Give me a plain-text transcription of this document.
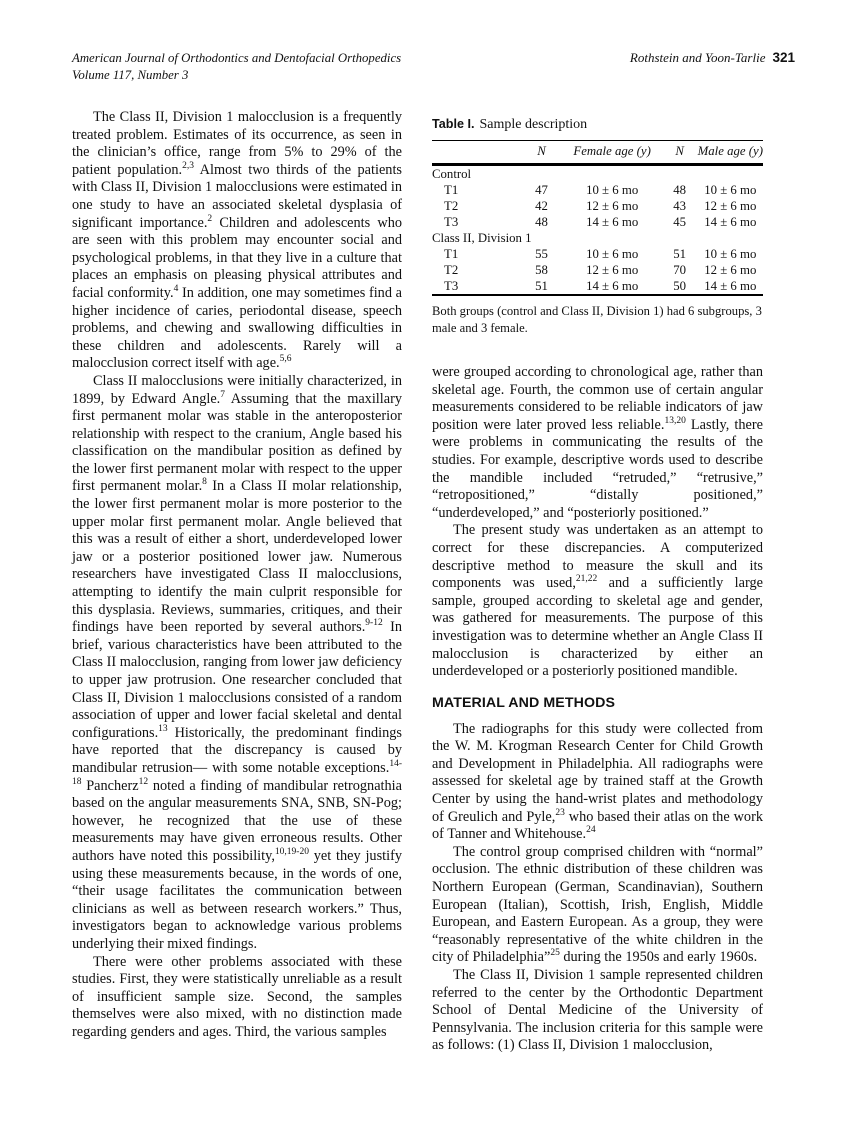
American Journal of Orthodontics and Dentofacial Orthopedics
Volume 117, Number 3
Rothstein and Yoon-Tarlie 321

The Class II, Division 1 malocclusion is a frequently treated problem. Estimates of its occurrence, as seen in the clinician’s office, range from 5% to 29% of the patient population.$^{2,3}$ Almost two thirds of the patients with Class II, Division 1 malocclusions were estimated in one study to have an associated skeletal dysplasia of significant importance.$^2$ Children and adolescents who are seen with this problem may encounter social and psychological problems, in that they live in a culture that places an emphasis on pleasing physical attributes and facial conformity.$^4$ In addition, one may sometimes find a higher incidence of caries, periodontal disease, speech problems, and chewing and swallowing difficulties in these children and adolescents. Rarely will a malocclusion correct itself with age.$^{5,6}$

Class II malocclusions were initially characterized, in 1899, by Edward Angle.$^7$ Assuming that the maxillary first permanent molar was stable in the anteroposterior relationship with respect to the cranium, Angle based his classification on the mandibular position as defined by the lower first permanent molar with respect to the upper first permanent molar.$^8$ In a Class II molar relationship, the lower first permanent molar is more posterior to the upper molar first permanent molar. Angle believed that this was a result of either a short, underdeveloped lower jaw or a posterior positioned lower jaw. Numerous researchers have investigated Class II malocclusions, attempting to identify the main culprit responsible for this dysplasia. Reviews, summaries, critiques, and their findings have been reported by several authors.$^{9-12}$ In brief, various characteristics have been attributed to the Class II malocclusion, ranging from lower jaw deficiency to upper jaw protrusion. One researcher concluded that Class II, Division 1 malocclusions consisted of a random association of upper and lower facial skeletal and dental configurations.$^{13}$ Historically, the predominant findings have reported that the discrepancy is caused by mandibular retrusion— with some notable exceptions.$^{14-18}$ Pancherz$^{12}$ noted a finding of mandibular retrognathia based on the angular measurements SNA, SNB, SN-Pog; however, he recognized that the use of these measurements may have given erroneous results. Other authors have noted this possibility,$^{10,19-20}$ yet they justify using these measurements because, in the words of one, “their usage facilitates the communication between clinicians as well as between research workers.” Thus, investigators began to acknowledge various problems underlying their mixed findings.

There were other problems associated with these studies. First, they were statistically unreliable as a result of insufficient sample size. Second, the samples themselves were also mixed, with no distinction made regarding genders and ages. Third, the various samples

Table I. Sample description
	N	Female age (y)	N	Male age (y)
Control				
T1	47	10 ± 6 mo	48	10 ± 6 mo
T2	42	12 ± 6 mo	43	12 ± 6 mo
T3	48	14 ± 6 mo	45	14 ± 6 mo
Class II, Division 1				
T1	55	10 ± 6 mo	51	10 ± 6 mo
T2	58	12 ± 6 mo	70	12 ± 6 mo
T3	51	14 ± 6 mo	50	14 ± 6 mo
Both groups (control and Class II, Division 1) had 6 subgroups, 3 male and 3 female.

were grouped according to chronological age, rather than skeletal age. Fourth, the common use of certain angular measurements considered to be reliable indicators of jaw position were later proved less reliable.$^{13,20}$ Lastly, there were problems in communicating the results of the studies. For example, descriptive words used to describe the mandible included “retruded,” “retrusive,” “retropositioned,” “distally positioned,” “underdeveloped,” and “posteriorly positioned.”

The present study was undertaken as an attempt to correct for these discrepancies. A computerized descriptive method to measure the skull and its components was used,$^{21,22}$ and a sufficiently large sample, grouped according to skeletal age and gender, was gathered for measurements. The purpose of this investigation was to determine whether an Angle Class II malocclusion is characterized by either an underdeveloped or a posteriorly positioned mandible.

MATERIAL AND METHODS

The radiographs for this study were collected from the W. M. Krogman Research Center for Child Growth and Development in Philadelphia. All radiographs were assessed for skeletal age by trained staff at the Growth Center by using the hand-wrist plates and methodology of Greulich and Pyle,$^{23}$ who based their atlas on the work of Tanner and Whitehouse.$^{24}$

The control group comprised children with “normal” occlusion. The ethnic distribution of these children was Northern European (German, Scandinavian), Southern European (Italian), Scottish, Irish, English, Middle European, and Eastern European. As a group, they were “reasonably representative of the white children in the city of Philadelphia”$^{25}$ during the 1950s and early 1960s.

The Class II, Division 1 sample represented children referred to the center by the Orthodontic Department School of Dental Medicine of the University of Pennsylvania. The inclusion criteria for this sample were as follows: (1) Class II, Division 1 malocclusion,
